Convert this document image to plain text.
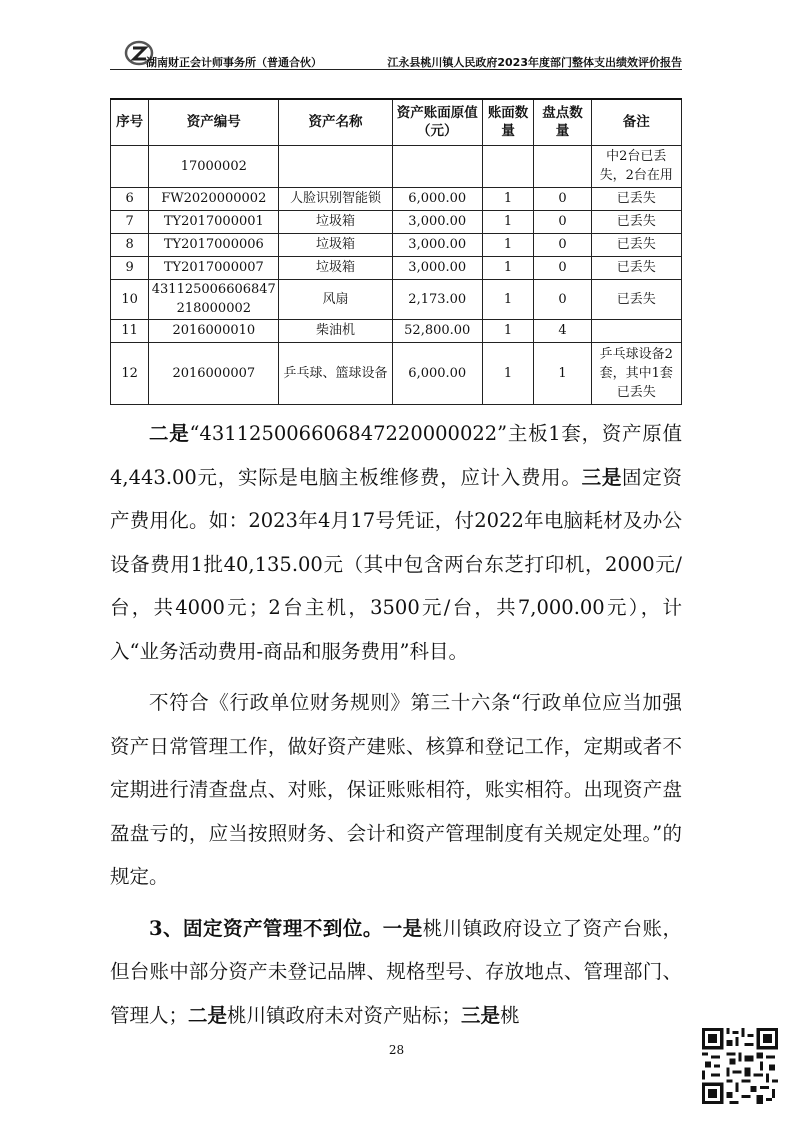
湖南财正会计师事务所（普通合伙）	江永县桃川镇人民政府2023年度部门整体支出绩效评价报告
序号	资产编号	资产名称	资产账面原值（元）	账面数量	盘点数量	备注
	17000002					中2台已丢失，2台在用
6	FW2020000002	人脸识别智能锁	6,000.00	1	0	已丢失
7	TY2017000001	垃圾箱	3,000.00	1	0	已丢失
8	TY2017000006	垃圾箱	3,000.00	1	0	已丢失
9	TY2017000007	垃圾箱	3,000.00	1	0	已丢失
10	431125006606847218000002	风扇	2,173.00	1	0	已丢失
11	2016000010	柴油机	52,800.00	1	4	
12	2016000007	乒乓球、篮球设备	6,000.00	1	1	乒乓球设备2套，其中1套已丢失

二是“431125006606847220000022”主板1套，资产原值4,443.00元，实际是电脑主板维修费，应计入费用。三是固定资产费用化。如：2023年4月17号凭证，付2022年电脑耗材及办公设备费用1批40,135.00元（其中包含两台东芝打印机，2000元/台，共4000元；2台主机，3500元/台，共7,000.00元），计入“业务活动费用-商品和服务费用”科目。

不符合《行政单位财务规则》第三十六条“行政单位应当加强资产日常管理工作，做好资产建账、核算和登记工作，定期或者不定期进行清查盘点、对账，保证账账相符，账实相符。出现资产盘盈盘亏的，应当按照财务、会计和资产管理制度有关规定处理。”的规定。

3、固定资产管理不到位。一是桃川镇政府设立了资产台账，但台账中部分资产未登记品牌、规格型号、存放地点、管理部门、管理人；二是桃川镇政府未对资产贴标；三是桃

28
